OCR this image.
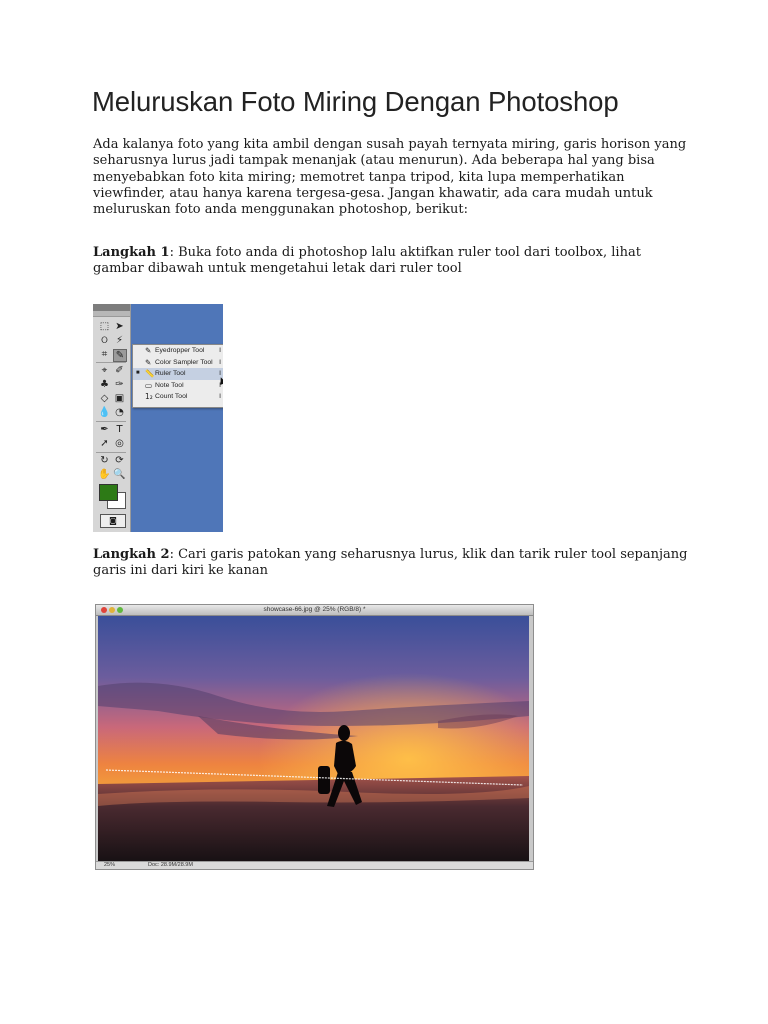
Meluruskan Foto Miring Dengan Photoshop

Ada kalanya foto yang kita ambil dengan susah payah ternyata miring, garis horison yang seharusnya lurus jadi tampak menanjak (atau menurun). Ada beberapa hal yang bisa menyebabkan foto kita miring; memotret tanpa tripod, kita lupa memperhatikan viewfinder, atau hanya karena tergesa-gesa. Jangan khawatir, ada cara mudah untuk meluruskan foto anda menggunakan photoshop, berikut:

Langkah 1: Buka foto anda di photoshop lalu aktifkan ruler tool dari toolbox, lihat gambar dibawah untuk mengetahui letak dari ruler tool

⬚ ➤
ଠ ⚡
⌗ ✎
⌖ ✐
♣ ✑
◇ ▣
💧 ◔
✒ T
➚ ◎
↻ ⟳
✋ 🔍
◙
✎ Eyedropper Tool I
✎ Color Sampler Tool I
■ 📏 Ruler Tool	I
▭ Note Tool	I
1₂ Count Tool	I

Langkah 2: Cari garis patokan yang seharusnya lurus, klik dan tarik ruler tool sepanjang garis ini dari kiri ke kanan

showcase-66.jpg @ 25% (RGB/8) *
25%	Doc: 28.9M/28.9M
